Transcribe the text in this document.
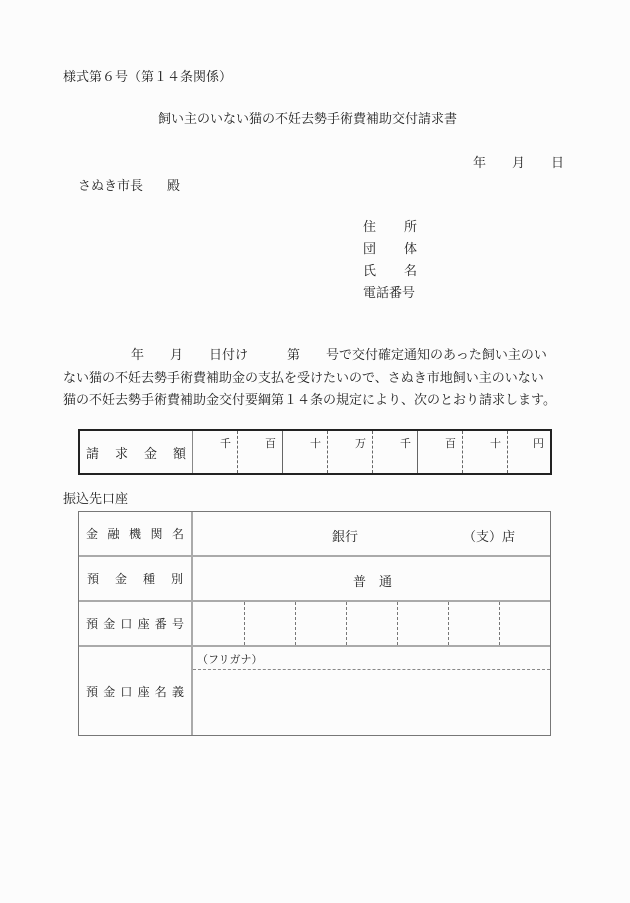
様式第６号（第１４条関係）
飼い主のいない猫の不妊去勢手術費補助交付請求書
年 月 日
さぬき市長 殿
住 所
団 体
氏 名
電話番号
年　　月　　日付け　　　第　　号で交付確定通知のあった飼い主のい
ない猫の不妊去勢手術費補助金の支払を受けたいので、さぬき市地飼い主のいない
猫の不妊去勢手術費補助金交付要綱第１４条の規定により、次のとおり請求します。
請 求 金 額
千	百	十	万	千	百	十	円
振込先口座
金 融 機 関 名	銀行	（支）店
預 金 種 別	普　通
預 金 口 座 番 号
預 金 口 座 名 義
（フリガナ）
